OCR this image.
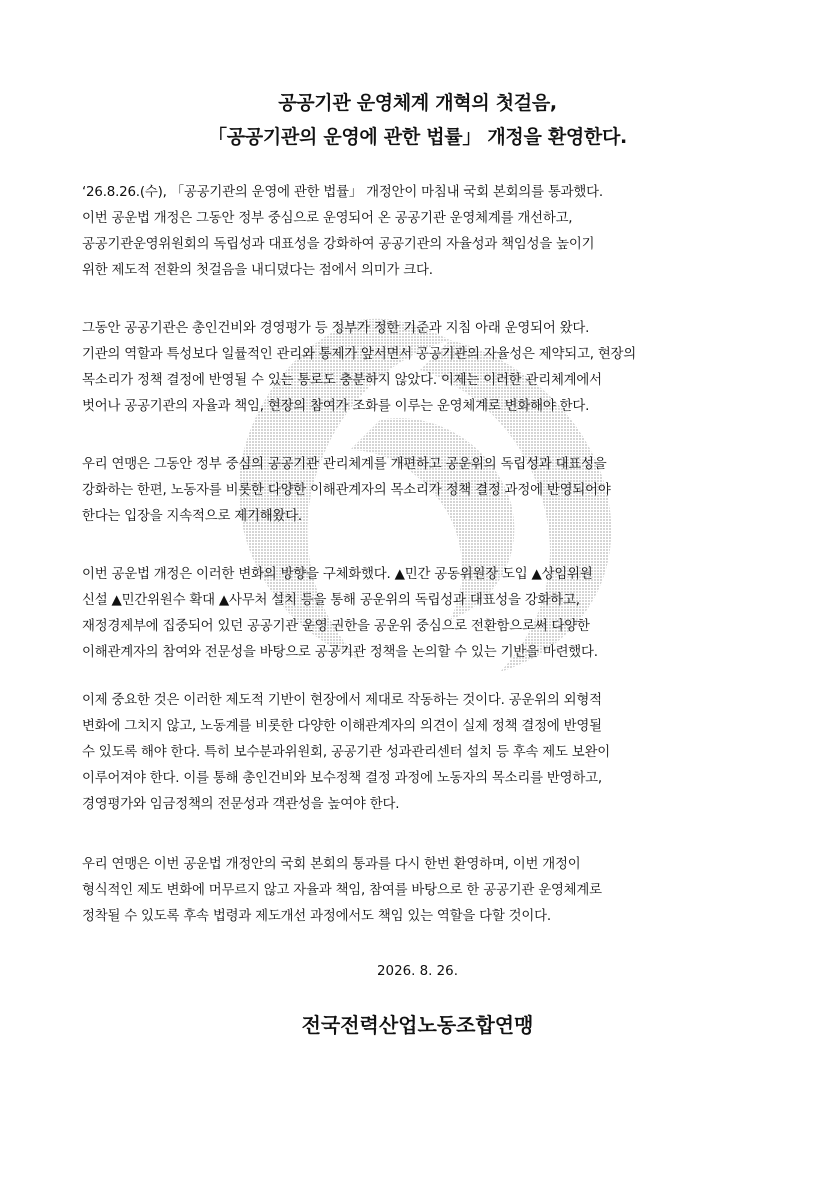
공공기관 운영체계 개혁의 첫걸음,
「공공기관의 운영에 관한 법률」 개정을 환영한다.
‘26.8.26.(수), 「공공기관의 운영에 관한 법률」 개정안이 마침내 국회 본회의를 통과했다.
이번 공운법 개정은 그동안 정부 중심으로 운영되어 온 공공기관 운영체계를 개선하고,
공공기관운영위원회의 독립성과 대표성을 강화하여 공공기관의 자율성과 책임성을 높이기
위한 제도적 전환의 첫걸음을 내디뎠다는 점에서 의미가 크다.
그동안 공공기관은 총인건비와 경영평가 등 정부가 정한 기준과 지침 아래 운영되어 왔다.
기관의 역할과 특성보다 일률적인 관리와 통제가 앞서면서 공공기관의 자율성은 제약되고, 현장의
목소리가 정책 결정에 반영될 수 있는 통로도 충분하지 않았다. 이제는 이러한 관리체계에서
벗어나 공공기관의 자율과 책임, 현장의 참여가 조화를 이루는 운영체계로 변화해야 한다.
우리 연맹은 그동안 정부 중심의 공공기관 관리체계를 개편하고 공운위의 독립성과 대표성을
강화하는 한편, 노동자를 비롯한 다양한 이해관계자의 목소리가 정책 결정 과정에 반영되어야
한다는 입장을 지속적으로 제기해왔다.
이번 공운법 개정은 이러한 변화의 방향을 구체화했다. ▲민간 공동위원장 도입 ▲상임위원
신설 ▲민간위원수 확대 ▲사무처 설치 등을 통해 공운위의 독립성과 대표성을 강화하고,
재정경제부에 집중되어 있던 공공기관 운영 권한을 공운위 중심으로 전환함으로써 다양한
이해관계자의 참여와 전문성을 바탕으로 공공기관 정책을 논의할 수 있는 기반을 마련했다.
이제 중요한 것은 이러한 제도적 기반이 현장에서 제대로 작동하는 것이다. 공운위의 외형적
변화에 그치지 않고, 노동계를 비롯한 다양한 이해관계자의 의견이 실제 정책 결정에 반영될
수 있도록 해야 한다. 특히 보수분과위원회, 공공기관 성과관리센터 설치 등 후속 제도 보완이
이루어져야 한다. 이를 통해 총인건비와 보수정책 결정 과정에 노동자의 목소리를 반영하고,
경영평가와 임금정책의 전문성과 객관성을 높여야 한다.
우리 연맹은 이번 공운법 개정안의 국회 본회의 통과를 다시 한번 환영하며, 이번 개정이
형식적인 제도 변화에 머무르지 않고 자율과 책임, 참여를 바탕으로 한 공공기관 운영체계로
정착될 수 있도록 후속 법령과 제도개선 과정에서도 책임 있는 역할을 다할 것이다.
2026. 8. 26.
전국전력산업노동조합연맹
